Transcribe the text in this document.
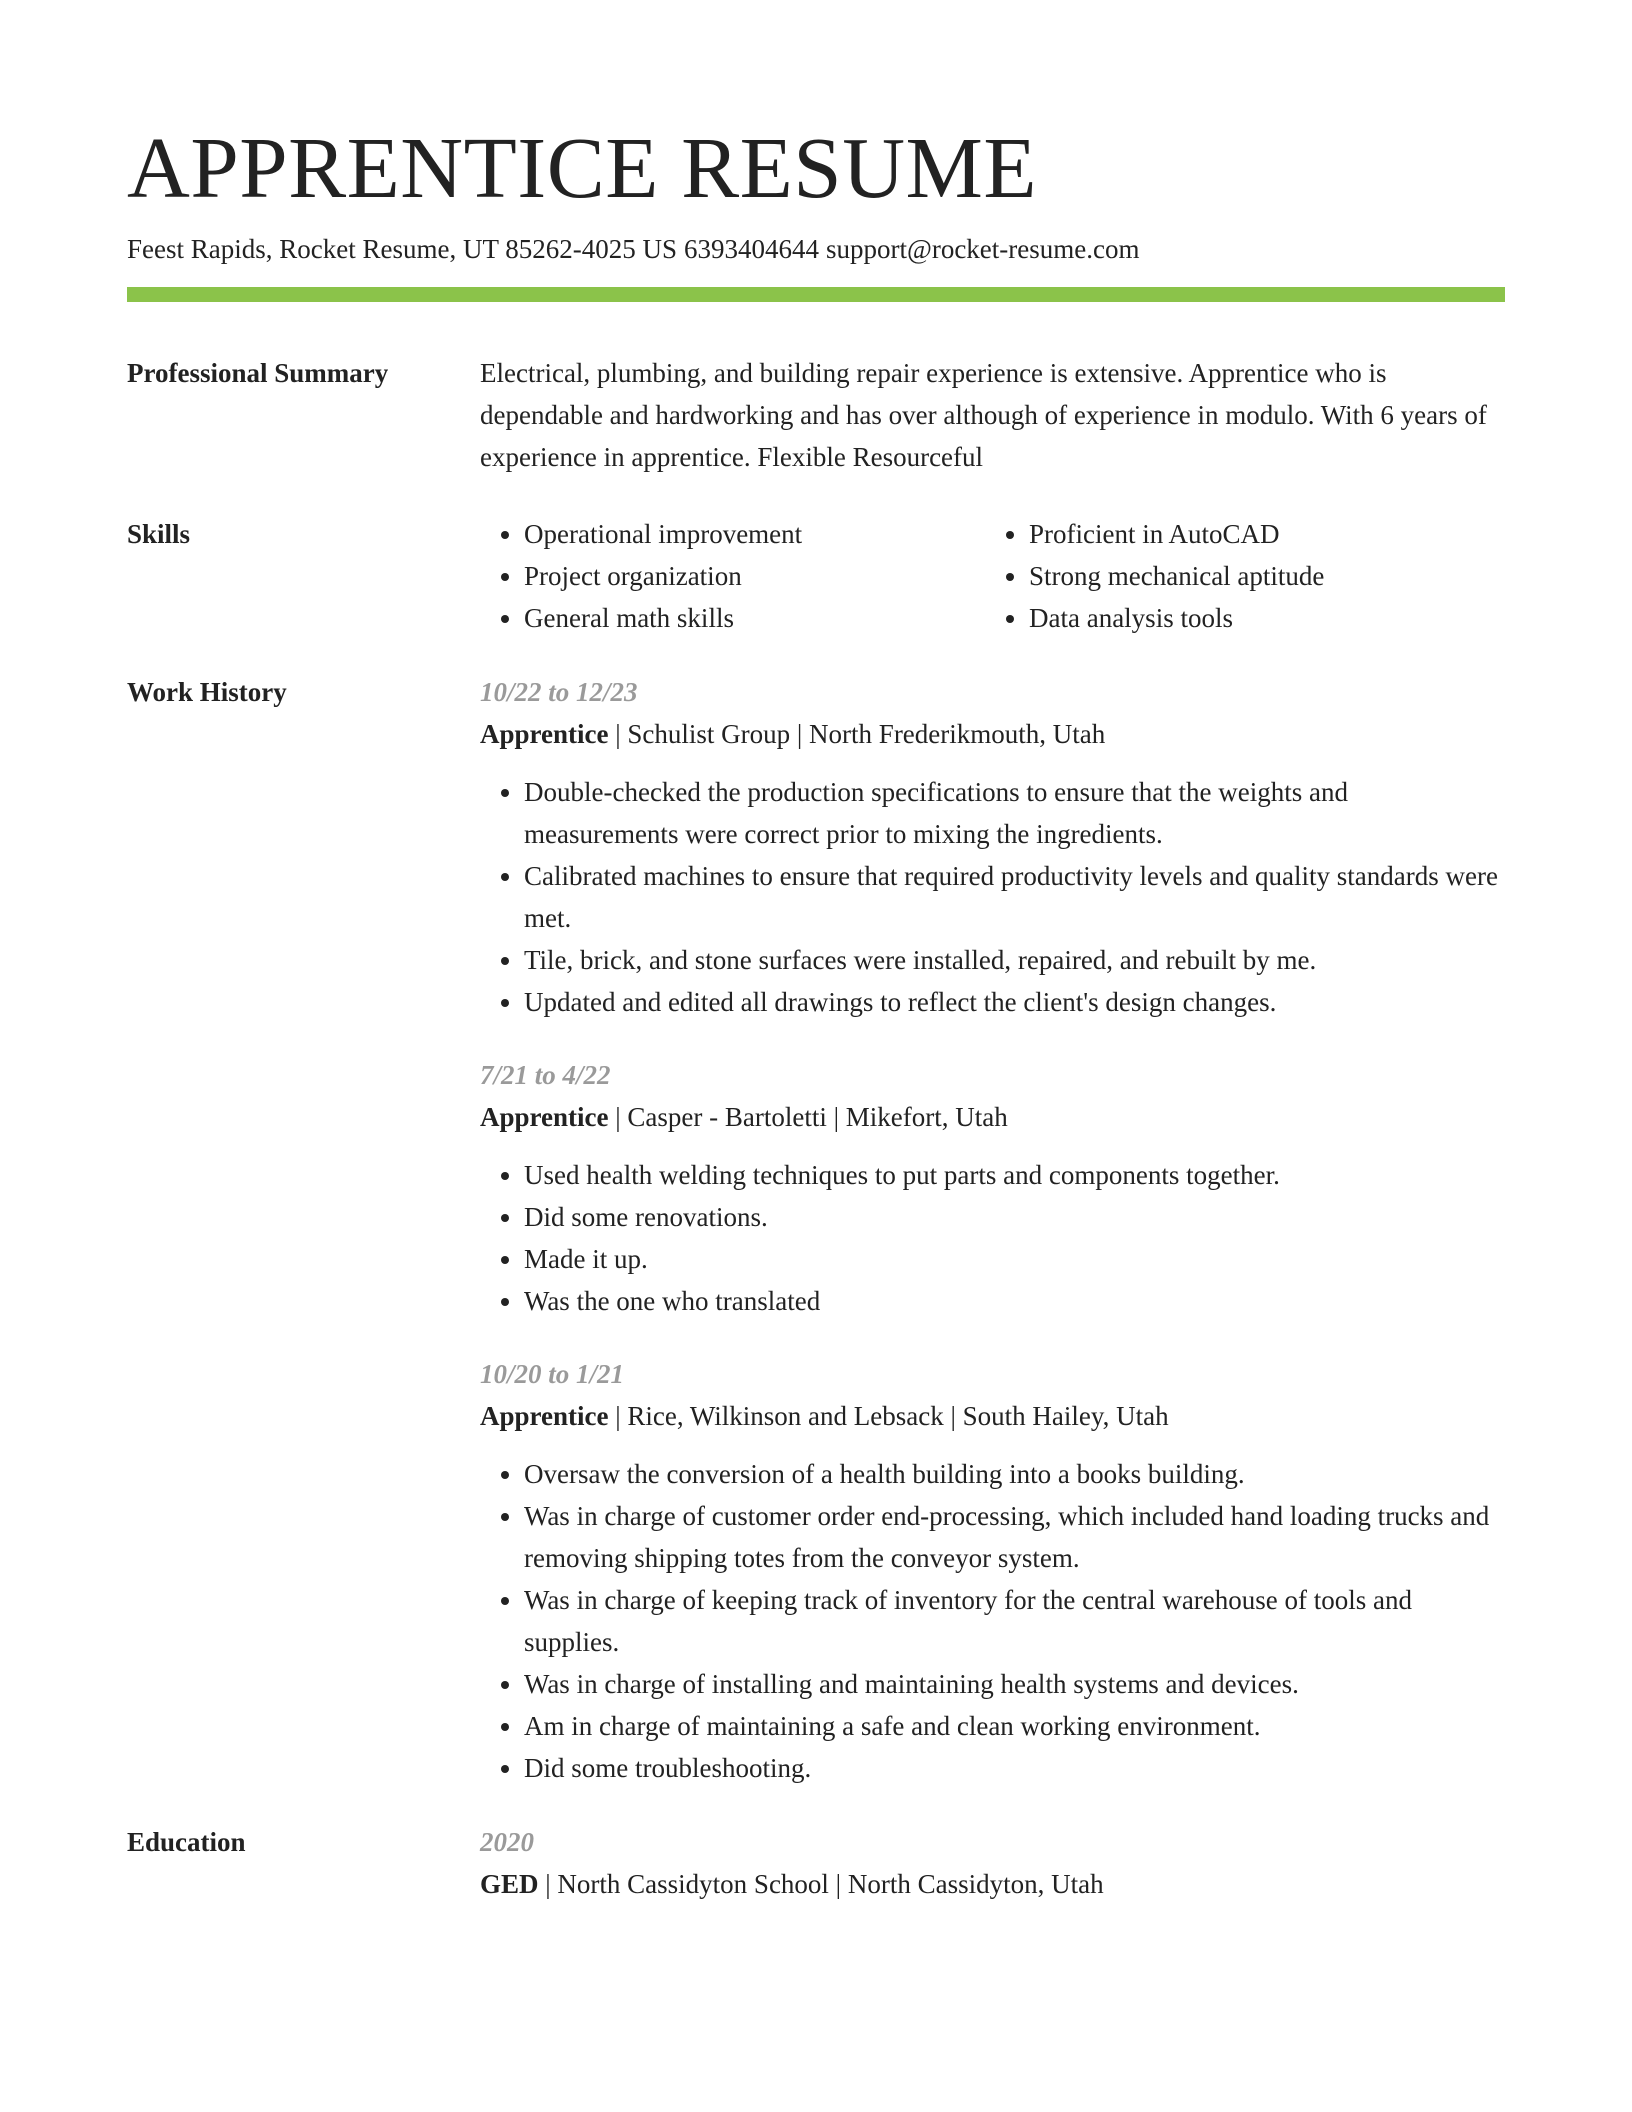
APPRENTICE RESUME
Feest Rapids, Rocket Resume, UT 85262-4025 US 6393404644 support@rocket-resume.com
Professional Summary	Electrical, plumbing, and building repair experience is extensive. Apprentice who is dependable and hardworking and has over although of experience in modulo. With 6 years of experience in apprentice. Flexible Resourceful
Skills
•	Operational improvement
• Project organization
• General math skills
• Proficient in AutoCAD
• Strong mechanical aptitude
• Data analysis tools
Work History	10/22 to 12/23
Apprentice | Schulist Group | North Frederikmouth, Utah
• Double-checked the production specifications to ensure that the weights and measurements were correct prior to mixing the ingredients.
• Calibrated machines to ensure that required productivity levels and quality standards were met.
• Tile, brick, and stone surfaces were installed, repaired, and rebuilt by me.
• Updated and edited all drawings to reflect the client's design changes.
7/21 to 4/22
Apprentice | Casper - Bartoletti | Mikefort, Utah
• Used health welding techniques to put parts and components together.
• Did some renovations.
• Made it up.
• Was the one who translated
10/20 to 1/21
Apprentice | Rice, Wilkinson and Lebsack | South Hailey, Utah
• Oversaw the conversion of a health building into a books building.
• Was in charge of customer order end-processing, which included hand loading trucks and removing shipping totes from the conveyor system.
• Was in charge of keeping track of inventory for the central warehouse of tools and supplies.
• Was in charge of installing and maintaining health systems and devices.
• Am in charge of maintaining a safe and clean working environment.
• Did some troubleshooting.
Education	2020
GED | North Cassidyton School | North Cassidyton, Utah
